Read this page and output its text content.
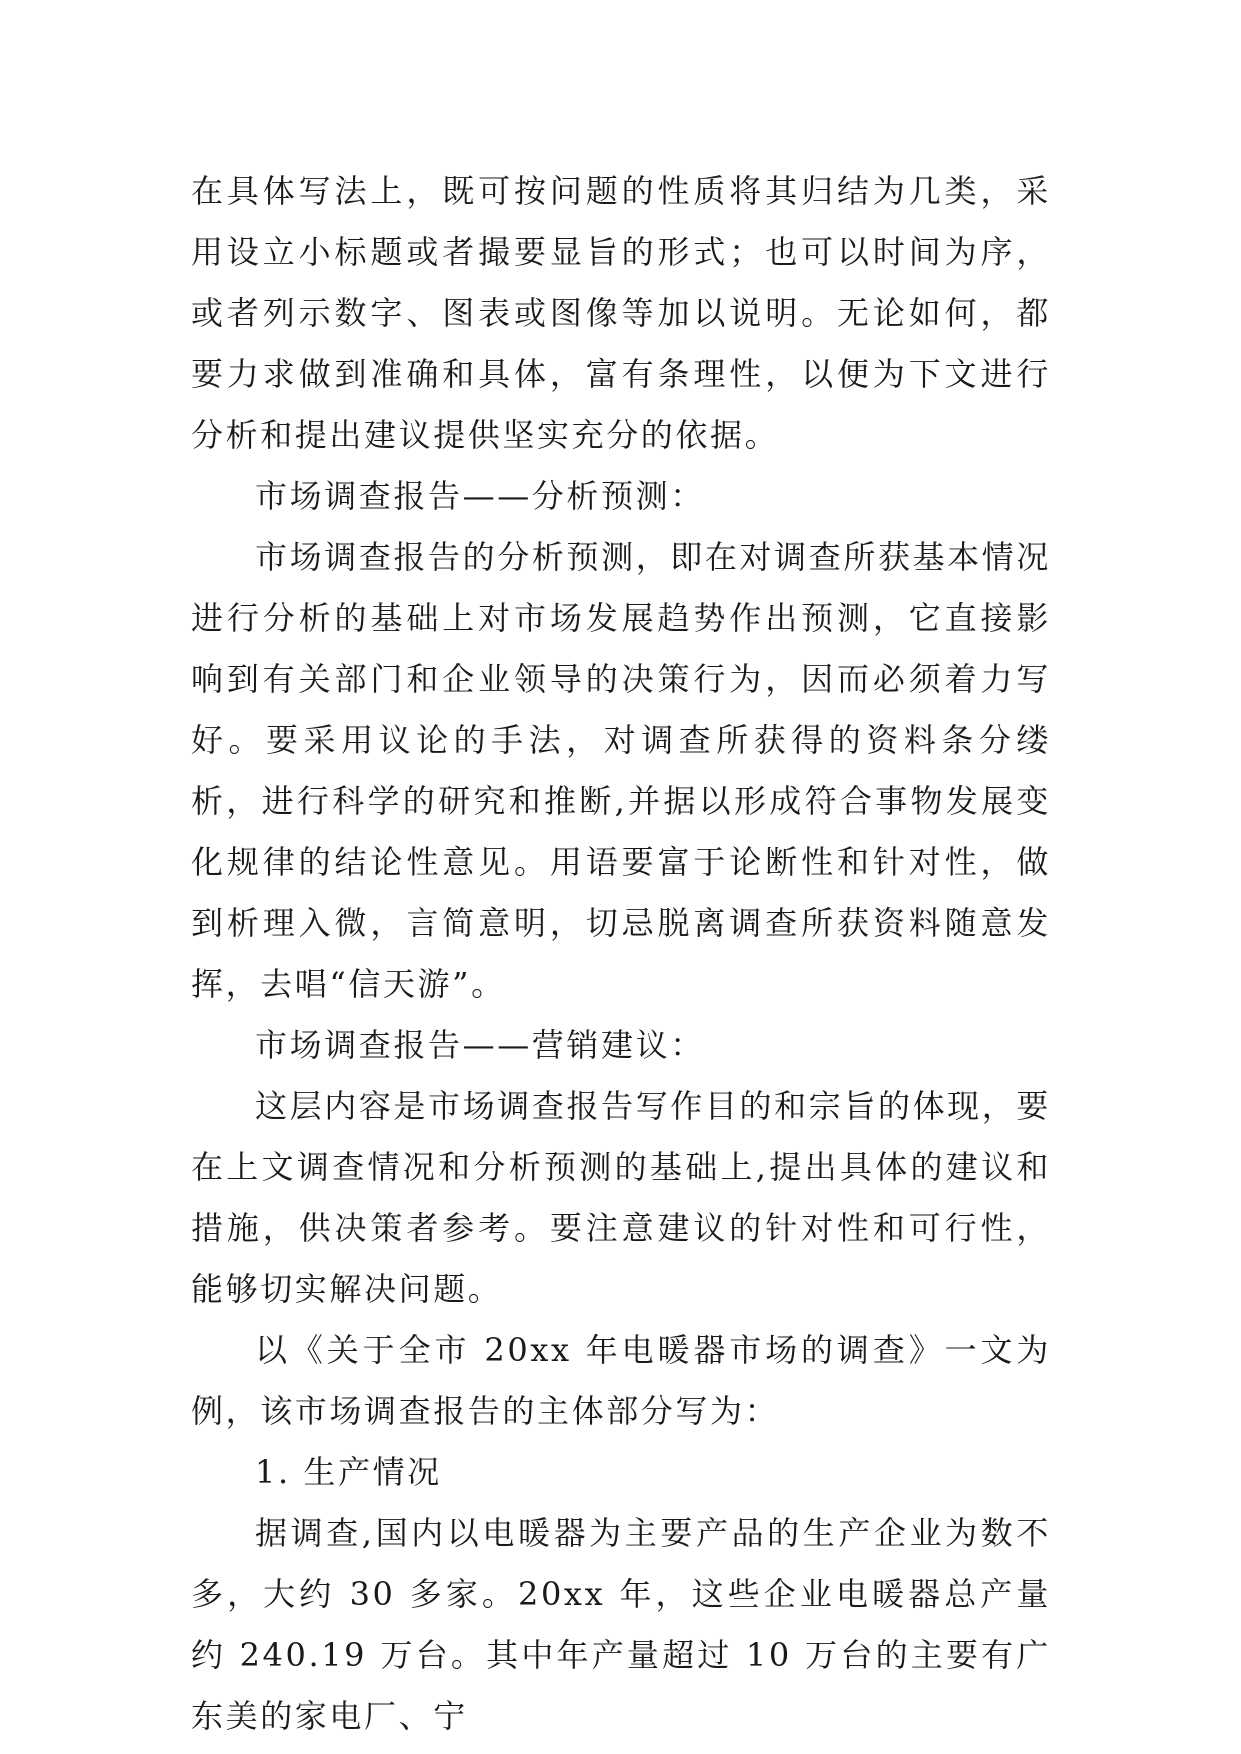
在具体写法上，既可按问题的性质将其归结为几类，采用设立小标题或者撮要显旨的形式；也可以时间为序，或者列示数字、图表或图像等加以说明。无论如何，都要力求做到准确和具体，富有条理性，以便为下文进行分析和提出建议提供坚实充分的依据。

市场调查报告——分析预测：

市场调查报告的分析预测，即在对调查所获基本情况进行分析的基础上对市场发展趋势作出预测，它直接影响到有关部门和企业领导的决策行为，因而必须着力写好。要采用议论的手法，对调查所获得的资料条分缕析，进行科学的研究和推断,并据以形成符合事物发展变化规律的结论性意见。用语要富于论断性和针对性，做到析理入微，言简意明，切忌脱离调查所获资料随意发挥，去唱“信天游”。

市场调查报告——营销建议：

这层内容是市场调查报告写作目的和宗旨的体现，要在上文调查情况和分析预测的基础上,提出具体的建议和措施，供决策者参考。要注意建议的针对性和可行性，能够切实解决问题。

以《关于全市 20xx 年电暖器市场的调查》一文为例，该市场调查报告的主体部分写为：

1. 生产情况

据调查,国内以电暖器为主要产品的生产企业为数不多，大约 30 多家。20xx 年，这些企业电暖器总产量约 240.19 万台。其中年产量超过 10 万台的主要有广东美的家电厂、宁
